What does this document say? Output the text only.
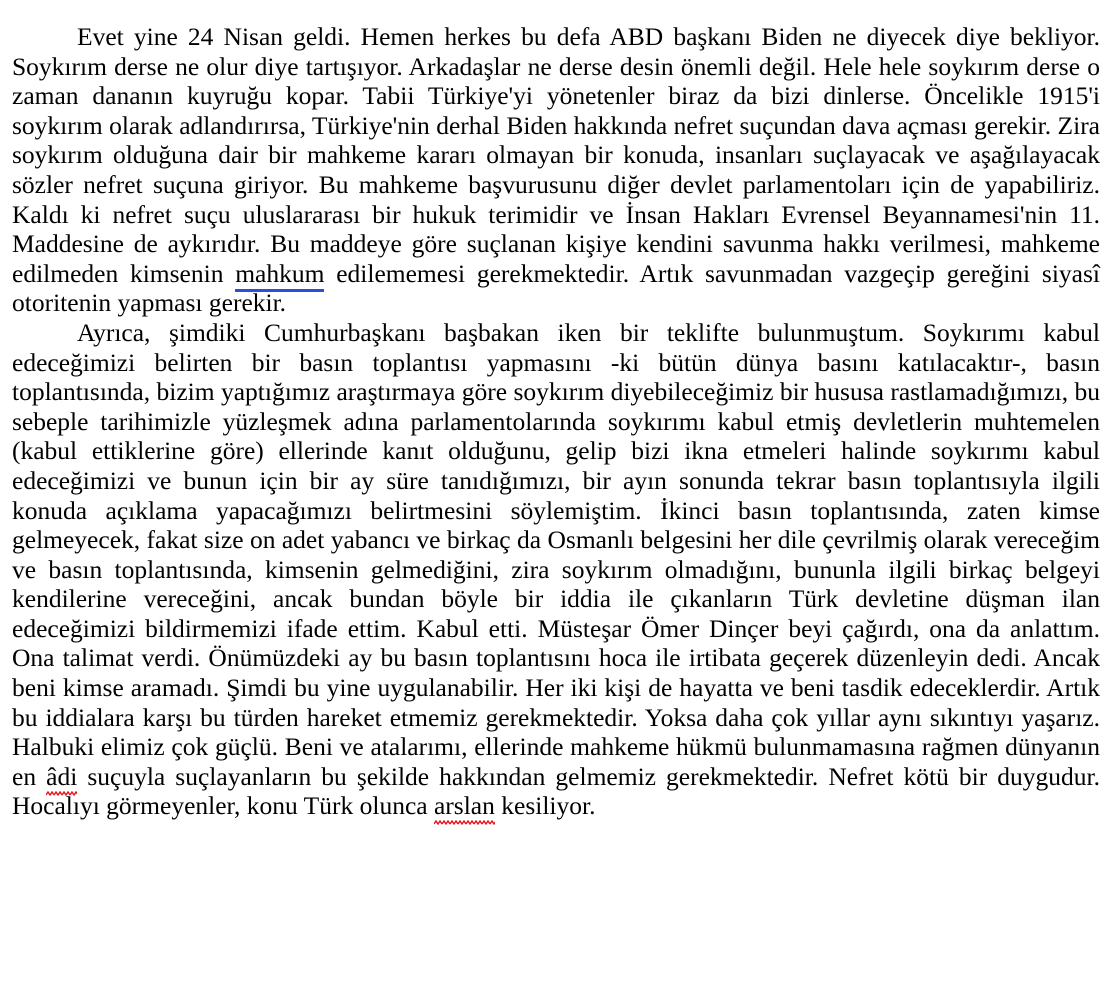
Evet yine 24 Nisan geldi. Hemen herkes bu defa ABD başkanı Biden ne diyecek diye bekliyor. Soykırım derse ne olur diye tartışıyor. Arkadaşlar ne derse desin önemli değil. Hele hele soykırım derse o zaman dananın kuyruğu kopar. Tabii Türkiye'yi yönetenler biraz da bizi dinlerse. Öncelikle 1915'i soykırım olarak adlandırırsa, Türkiye'nin derhal Biden hakkında nefret suçundan dava açması gerekir. Zira soykırım olduğuna dair bir mahkeme kararı olmayan bir konuda, insanları suçlayacak ve aşağılayacak sözler nefret suçuna giriyor. Bu mahkeme başvurusunu diğer devlet parlamentoları için de yapabiliriz. Kaldı ki nefret suçu uluslararası bir hukuk terimidir ve İnsan Hakları Evrensel Beyannamesi'nin 11. Maddesine de aykırıdır. Bu maddeye göre suçlanan kişiye kendini savunma hakkı verilmesi, mahkeme edilmeden kimsenin mahkum edilememesi gerekmektedir. Artık savunmadan vazgeçip gereğini siyasî otoritenin yapması gerekir.

Ayrıca, şimdiki Cumhurbaşkanı başbakan iken bir teklifte bulunmuştum. Soykırımı kabul edeceğimizi belirten bir basın toplantısı yapmasını -ki bütün dünya basını katılacaktır-, basın toplantısında, bizim yaptığımız araştırmaya göre soykırım diyebileceğimiz bir hususa rastlamadığımızı, bu sebeple tarihimizle yüzleşmek adına parlamentolarında soykırımı kabul etmiş devletlerin muhtemelen (kabul ettiklerine göre) ellerinde kanıt olduğunu, gelip bizi ikna etmeleri halinde soykırımı kabul edeceğimizi ve bunun için bir ay süre tanıdığımızı, bir ayın sonunda tekrar basın toplantısıyla ilgili konuda açıklama yapacağımızı belirtmesini söylemiştim. İkinci basın toplantısında, zaten kimse gelmeyecek, fakat size on adet yabancı ve birkaç da Osmanlı belgesini her dile çevrilmiş olarak vereceğim ve basın toplantısında, kimsenin gelmediğini, zira soykırım olmadığını, bununla ilgili birkaç belgeyi kendilerine vereceğini, ancak bundan böyle bir iddia ile çıkanların Türk devletine düşman ilan edeceğimizi bildirmemizi ifade ettim. Kabul etti. Müsteşar Ömer Dinçer beyi çağırdı, ona da anlattım. Ona talimat verdi. Önümüzdeki ay bu basın toplantısını hoca ile irtibata geçerek düzenleyin dedi. Ancak beni kimse aramadı. Şimdi bu yine uygulanabilir. Her iki kişi de hayatta ve beni tasdik edeceklerdir. Artık bu iddialara karşı bu türden hareket etmemiz gerekmektedir. Yoksa daha çok yıllar aynı sıkıntıyı yaşarız. Halbuki elimiz çok güçlü. Beni ve atalarımı, ellerinde mahkeme hükmü bulunmamasına rağmen dünyanın en âdi suçuyla suçlayanların bu şekilde hakkından gelmemiz gerekmektedir. Nefret kötü bir duygudur. Hocalıyı görmeyenler, konu Türk olunca arslan kesiliyor.
